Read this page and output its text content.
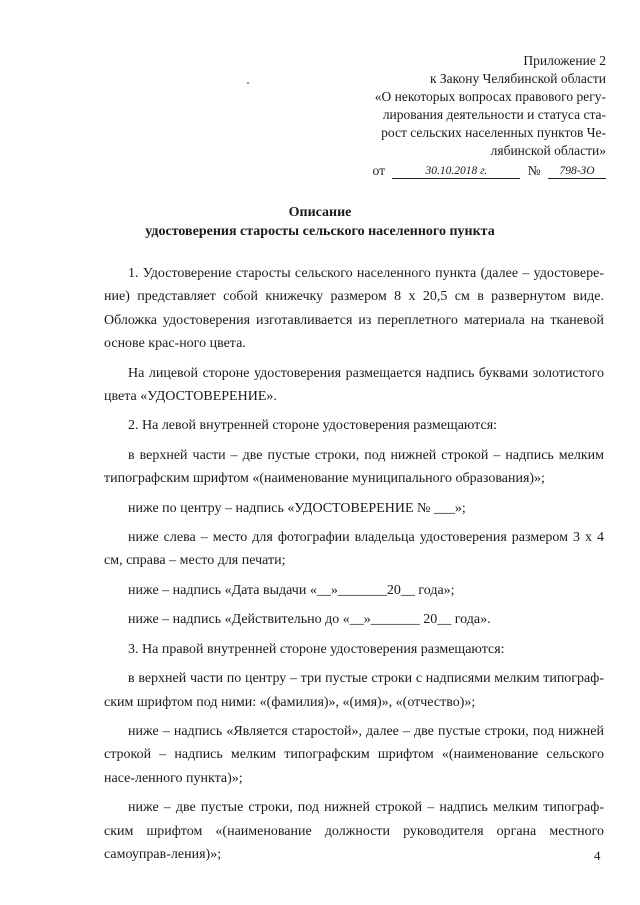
Приложение 2
к Закону Челябинской области
«О некоторых вопросах правового регу-
лирования деятельности и статуса ста-
рост сельских населенных пунктов Че-
лябинской области»
от	30.10.2018 г.	№ 798-ЗО
Описание
удостоверения старосты сельского населенного пункта

1. Удостоверение старосты сельского населенного пункта (далее – удостовере-ние) представляет собой книжечку размером 8 х 20,5 см в развернутом виде. Обложка удостоверения изготавливается из переплетного материала на тканевой основе крас-ного цвета.

На лицевой стороне удостоверения размещается надпись буквами золотистого цвета «УДОСТОВЕРЕНИЕ».

2. На левой внутренней стороне удостоверения размещаются:

в верхней части – две пустые строки, под нижней строкой – надпись мелким типографским шрифтом «(наименование муниципального образования)»;

ниже по центру – надпись «УДОСТОВЕРЕНИЕ № ___»;

ниже слева – место для фотографии владельца удостоверения размером 3 х 4 см, справа – место для печати;

ниже – надпись «Дата выдачи «__»_______20__ года»;

ниже – надпись «Действительно до «__»_______ 20__ года».

3. На правой внутренней стороне удостоверения размещаются:

в верхней части по центру – три пустые строки с надписями мелким типограф-ским шрифтом под ними: «(фамилия)», «(имя)», «(отчество)»;

ниже – надпись «Является старостой», далее – две пустые строки, под нижней строкой – надпись мелким типографским шрифтом «(наименование сельского насе-ленного пункта)»;

ниже – две пустые строки, под нижней строкой – надпись мелким типограф-ским шрифтом «(наименование должности руководителя органа местного самоуправ-ления)»;	4
